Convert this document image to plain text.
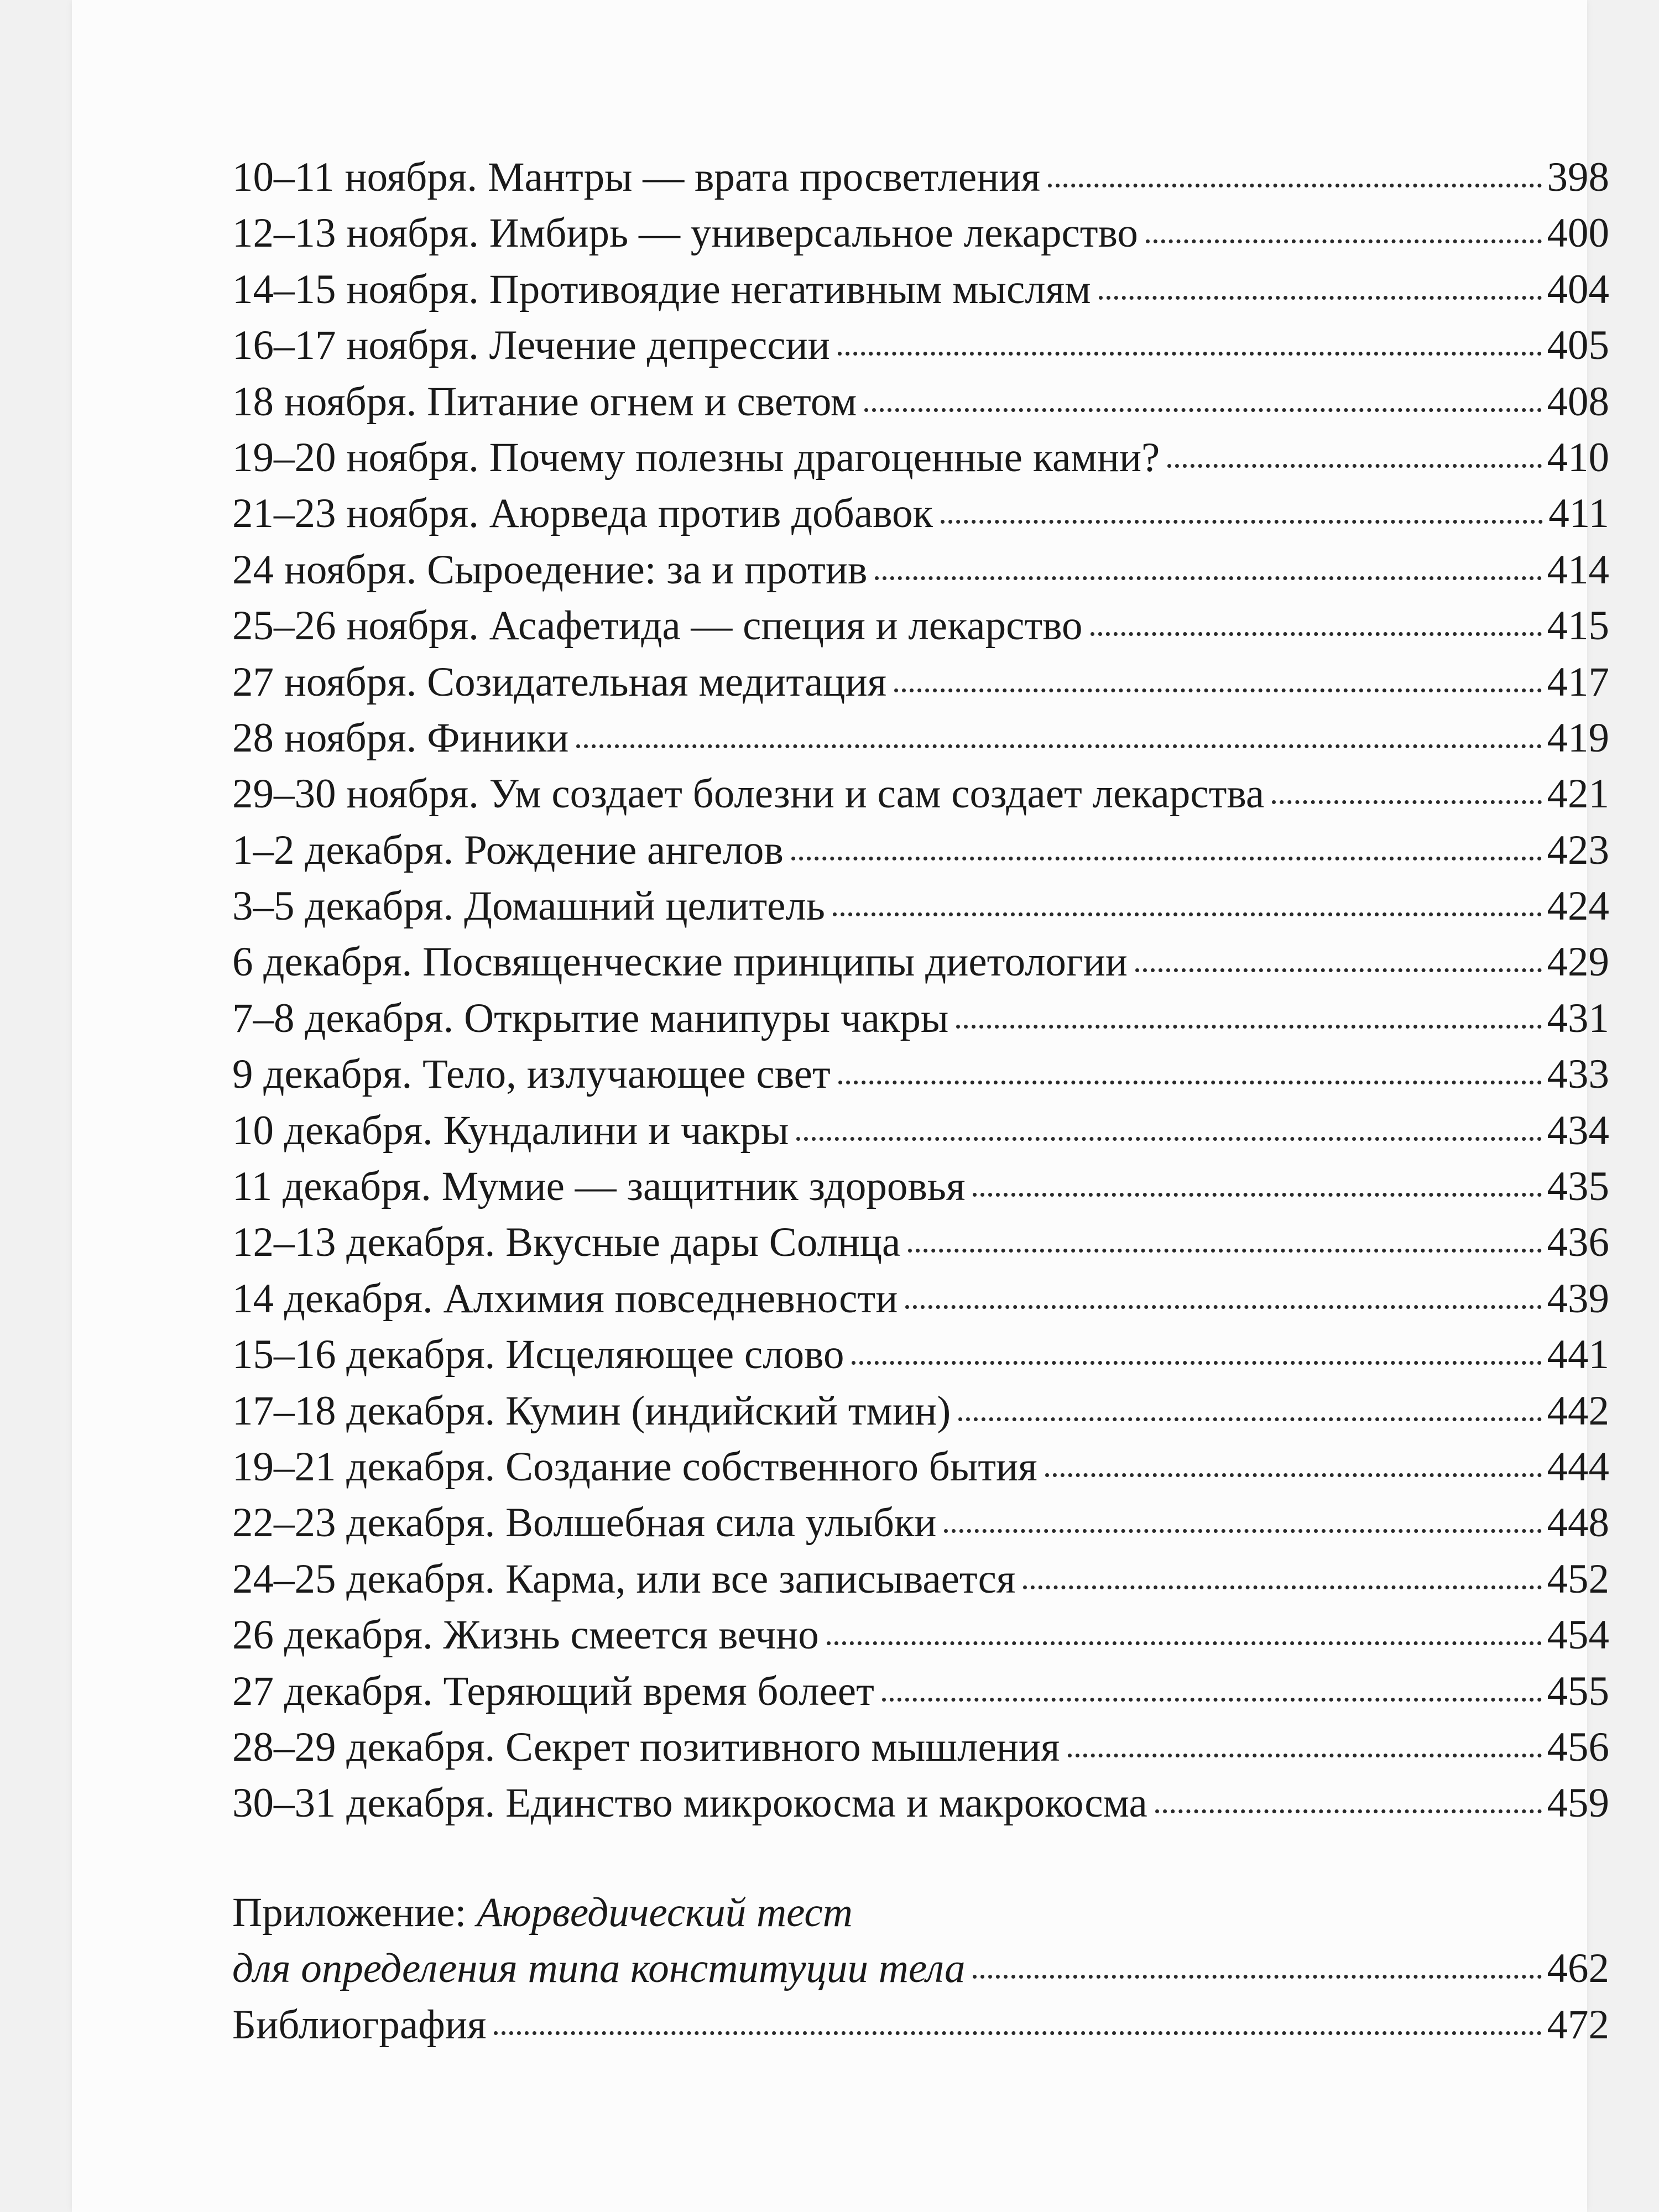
10–11 ноября. Мантры — врата просветления	398
12–13 ноября. Имбирь — универсальное лекарство	400
14–15 ноября. Противоядие негативным мыслям	404
16–17 ноября. Лечение депрессии	405
18 ноября. Питание огнем и светом	408
19–20 ноября. Почему полезны драгоценные камни?	410
21–23 ноября. Аюрведа против добавок	411
24 ноября. Сыроедение: за и против	414
25–26 ноября. Асафетида — специя и лекарство	415
27 ноября. Созидательная медитация	417
28 ноября. Финики	419
29–30 ноября. Ум создает болезни и сам создает лекарства	421
1–2 декабря. Рождение ангелов	423
3–5 декабря. Домашний целитель	424
6 декабря. Посвященческие принципы диетологии	429
7–8 декабря. Открытие манипуры чакры	431
9 декабря. Тело, излучающее свет	433
10 декабря. Кундалини и чакры	434
11 декабря. Мумие — защитник здоровья	435
12–13 декабря. Вкусные дары Солнца	436
14 декабря. Алхимия повседневности	439
15–16 декабря. Исцеляющее слово	441
17–18 декабря. Кумин (индийский тмин)	442
19–21 декабря. Создание собственного бытия	444
22–23 декабря. Волшебная сила улыбки	448
24–25 декабря. Карма, или все записывается	452
26 декабря. Жизнь смеется вечно	454
27 декабря. Теряющий время болеет	455
28–29 декабря. Секрет позитивного мышления	456
30–31 декабря. Единство микрокосма и макрокосма	459
Приложение: Аюрведический тест
для определения типа конституции тела	462
Библиография	472
